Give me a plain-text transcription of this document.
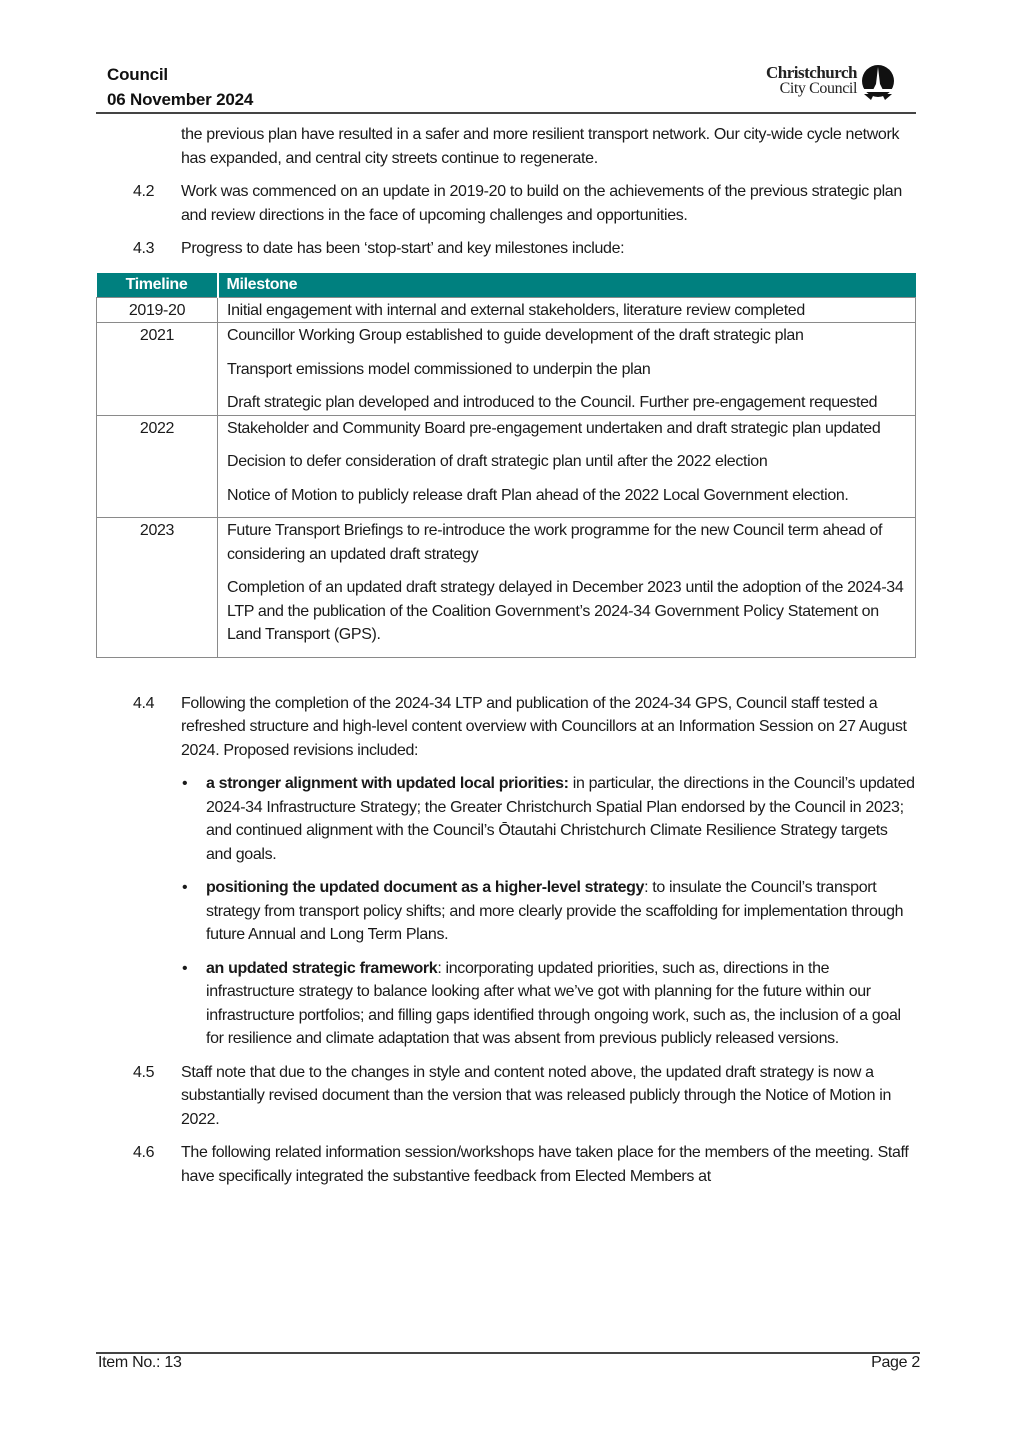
Council
06 November 2024
Christchurch
City Council
the previous plan have resulted in a safer and more resilient transport network. Our city-wide cycle network has expanded, and central city streets continue to regenerate.
4.2 Work was commenced on an update in 2019-20 to build on the achievements of the previous strategic plan and review directions in the face of upcoming challenges and opportunities.
4.3 Progress to date has been ‘stop-start’ and key milestones include:
Timeline	Milestone
2019-20	Initial engagement with internal and external stakeholders, literature review completed

2021	Councillor Working Group established to guide development of the draft strategic plan
Transport emissions model commissioned to underpin the plan
Draft strategic plan developed and introduced to the Council. Further pre-engagement requested

2022	Stakeholder and Community Board pre-engagement undertaken and draft strategic plan updated
Decision to defer consideration of draft strategic plan until after the 2022 election
Notice of Motion to publicly release draft Plan ahead of the 2022 Local Government election.

2023	Future Transport Briefings to re-introduce the work programme for the new Council term ahead of considering an updated draft strategy
Completion of an updated draft strategy delayed in December 2023 until the adoption of the 2024-34 LTP and the publication of the Coalition Government’s 2024-34 Government Policy Statement on Land Transport (GPS).
4.4 Following the completion of the 2024-34 LTP and publication of the 2024-34 GPS, Council staff tested a refreshed structure and high-level content overview with Councillors at an Information Session on 27 August 2024. Proposed revisions included:
• a stronger alignment with updated local priorities: in particular, the directions in the Council’s updated 2024-34 Infrastructure Strategy; the Greater Christchurch Spatial Plan endorsed by the Council in 2023; and continued alignment with the Council’s Ōtautahi Christchurch Climate Resilience Strategy targets and goals.
• positioning the updated document as a higher-level strategy: to insulate the Council’s transport strategy from transport policy shifts; and more clearly provide the scaffolding for implementation through future Annual and Long Term Plans.
• an updated strategic framework: incorporating updated priorities, such as, directions in the infrastructure strategy to balance looking after what we’ve got with planning for the future within our infrastructure portfolios; and filling gaps identified through ongoing work, such as, the inclusion of a goal for resilience and climate adaptation that was absent from previous publicly released versions.
4.5 Staff note that due to the changes in style and content noted above, the updated draft strategy is now a substantially revised document than the version that was released publicly through the Notice of Motion in 2022.
4.6 The following related information session/workshops have taken place for the members of the meeting. Staff have specifically integrated the substantive feedback from Elected Members at
Item No.: 13	Page 2
